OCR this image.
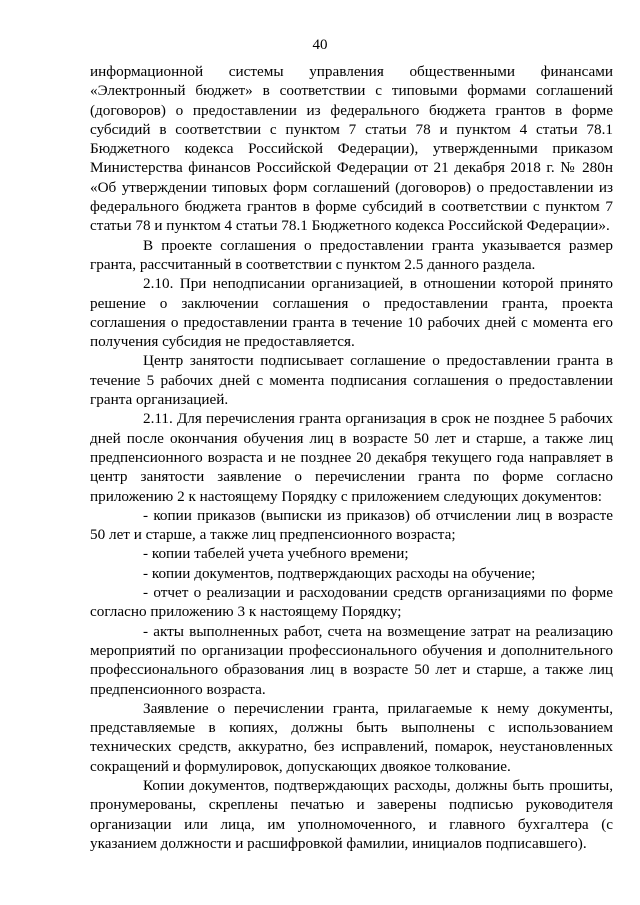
40

информационной системы управления общественными финансами «Электронный бюджет» в соответствии с типовыми формами соглашений (договоров) о предоставлении из федерального бюджета грантов в форме субсидий в соответствии с пунктом 7 статьи 78 и пунктом 4 статьи 78.1 Бюджетного кодекса Российской Федерации), утвержденными приказом Министерства финансов Российской Федерации от 21 декабря 2018 г. № 280н «Об утверждении типовых форм соглашений (договоров) о предоставлении из федерального бюджета грантов в форме субсидий в соответствии с пунктом 7 статьи 78 и пунктом 4 статьи 78.1 Бюджетного кодекса Российской Федерации».

В проекте соглашения о предоставлении гранта указывается размер гранта, рассчитанный в соответствии с пунктом 2.5 данного раздела.

2.10. При неподписании организацией, в отношении которой принято решение о заключении соглашения о предоставлении гранта, проекта соглашения о предоставлении гранта в течение 10 рабочих дней с момента его получения субсидия не предоставляется.

Центр занятости подписывает соглашение о предоставлении гранта в течение 5 рабочих дней с момента подписания соглашения о предоставлении гранта организацией.

2.11. Для перечисления гранта организация в срок не позднее 5 рабочих дней после окончания обучения лиц в возрасте 50 лет и старше, а также лиц предпенсионного возраста и не позднее 20 декабря текущего года направляет в центр занятости заявление о перечислении гранта по форме согласно приложению 2 к настоящему Порядку с приложением следующих документов:

- копии приказов (выписки из приказов) об отчислении лиц в возрасте 50 лет и старше, а также лиц предпенсионного возраста;

- копии табелей учета учебного времени;

- копии документов, подтверждающих расходы на обучение;

- отчет о реализации и расходовании средств организациями по форме согласно приложению 3 к настоящему Порядку;

- акты выполненных работ, счета на возмещение затрат на реализацию мероприятий по организации профессионального обучения и дополнительного профессионального образования лиц в возрасте 50 лет и старше, а также лиц предпенсионного возраста.

Заявление о перечислении гранта, прилагаемые к нему документы, представляемые в копиях, должны быть выполнены с использованием технических средств, аккуратно, без исправлений, помарок, неустановленных сокращений и формулировок, допускающих двоякое толкование.

Копии документов, подтверждающих расходы, должны быть прошиты, пронумерованы, скреплены печатью и заверены подписью руководителя организации или лица, им уполномоченного, и главного бухгалтера (с указанием должности и расшифровкой фамилии, инициалов подписавшего).
